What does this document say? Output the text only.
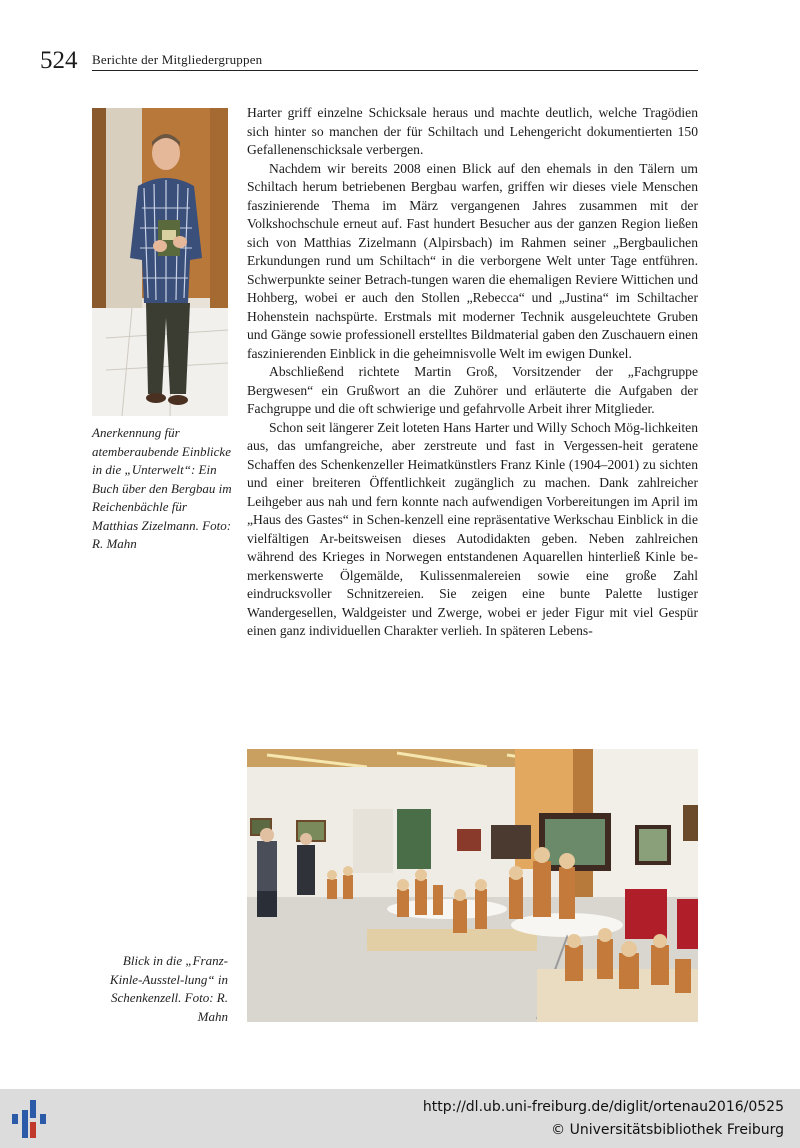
524 Berichte der Mitgliedergruppen
Anerkennung für atemberaubende Einblicke in die „Unterwelt“: Ein Buch über den Bergbau im Reichenbächle für Matthias Zizelmann. Foto: R. Mahn

Harter griff einzelne Schicksale heraus und machte deutlich, welche Tragödien sich hinter so manchen der für Schiltach und Lehengericht dokumentierten 150 Gefallenenschicksale verbergen.

Nachdem wir bereits 2008 einen Blick auf den ehemals in den Tälern um Schiltach herum betriebenen Bergbau warfen, griffen wir dieses viele Menschen faszinierende Thema im März vergangenen Jahres zusammen mit der Volkshochschule erneut auf. Fast hundert Besucher aus der ganzen Region ließen sich von Matthias Zizelmann (Alpirsbach) im Rahmen seiner „Bergbaulichen Erkundungen rund um Schiltach“ in die verborgene Welt unter Tage entführen. Schwerpunkte seiner Betrach-tungen waren die ehemaligen Reviere Wittichen und Hohberg, wobei er auch den Stollen „Rebecca“ und „Justina“ im Schiltacher Hohenstein nachspürte. Erstmals mit moderner Technik ausgeleuchtete Gruben und Gänge sowie professionell erstelltes Bildmaterial gaben den Zuschauern einen faszinierenden Einblick in die geheimnisvolle Welt im ewigen Dunkel.

Abschließend richtete Martin Groß, Vorsitzender der „Fachgruppe Bergwesen“ ein Grußwort an die Zuhörer und erläuterte die Aufgaben der Fachgruppe und die oft schwierige und gefahrvolle Arbeit ihrer Mitglieder.

Schon seit längerer Zeit loteten Hans Harter und Willy Schoch Mög-lichkeiten aus, das umfangreiche, aber zerstreute und fast in Vergessen-heit geratene Schaffen des Schenkenzeller Heimatkünstlers Franz Kinle (1904–2001) zu sichten und einer breiteren Öffentlichkeit zugänglich zu machen. Dank zahlreicher Leihgeber aus nah und fern konnte nach aufwendigen Vorbereitungen im April im „Haus des Gastes“ in Schen-kenzell eine repräsentative Werkschau Einblick in die vielfältigen Ar-beitsweisen dieses Autodidakten geben. Neben zahlreichen während des Krieges in Norwegen entstandenen Aquarellen hinterließ Kinle be-merkenswerte Ölgemälde, Kulissenmalereien sowie eine große Zahl eindrucksvoller Schnitzereien. Sie zeigen eine bunte Palette lustiger Wandergesellen, Waldgeister und Zwerge, wobei er jeder Figur mit viel Gespür einen ganz individuellen Charakter verlieh. In späteren Lebens-

Blick in die „Franz-Kinle-Ausstel-lung“ in Schenkenzell. Foto: R. Mahn
http://dl.ub.uni-freiburg.de/diglit/ortenau2016/0525
© Universitätsbibliothek Freiburg
